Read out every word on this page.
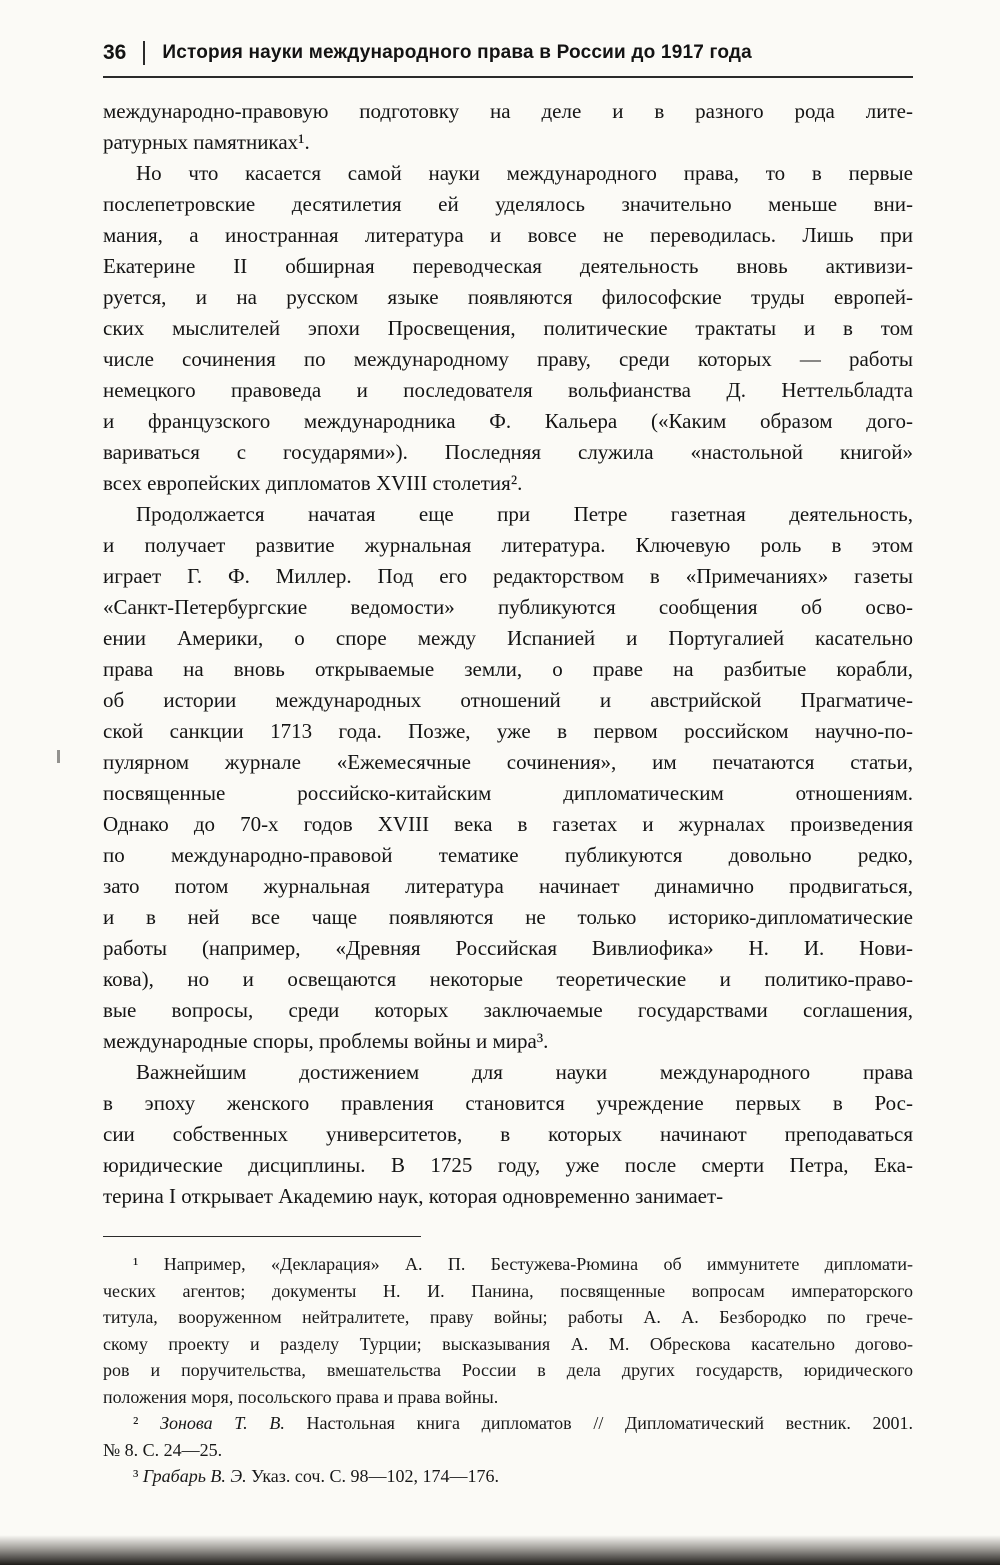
36 История науки международного права в России до 1917 года
международно-правовую подготовку на деле и в разного рода лите-
ратурных памятниках¹.
Но что касается самой науки международного права, то в первые
послепетровские десятилетия ей уделялось значительно меньше вни-
мания, а иностранная литература и вовсе не переводилась. Лишь при
Екатерине II обширная переводческая деятельность вновь активизи-
руется, и на русском языке появляются философские труды европей-
ских мыслителей эпохи Просвещения, политические трактаты и в том
числе сочинения по международному праву, среди которых — работы
немецкого правоведа и последователя вольфианства Д. Неттельбладта
и французского международника Ф. Кальера («Каким образом дого-
вариваться с государями»). Последняя служила «настольной книгой»
всех европейских дипломатов XVIII столетия².
Продолжается начатая еще при Петре газетная деятельность,
и получает развитие журнальная литература. Ключевую роль в этом
играет Г. Ф. Миллер. Под его редакторством в «Примечаниях» газеты
«Санкт-Петербургские ведомости» публикуются сообщения об осво-
ении Америки, о споре между Испанией и Португалией касательно
права на вновь открываемые земли, о праве на разбитые корабли,
об истории международных отношений и австрийской Прагматиче-
ской санкции 1713 года. Позже, уже в первом российском научно-по-
пулярном журнале «Ежемесячные сочинения», им печатаются статьи,
посвященные российско-китайским дипломатическим отношениям.
Однако до 70-х годов XVIII века в газетах и журналах произведения
по международно-правовой тематике публикуются довольно редко,
зато потом журнальная литература начинает динамично продвигаться,
и в ней все чаще появляются не только историко-дипломатические
работы (например, «Древняя Российская Вивлиофика» Н. И. Нови-
кова), но и освещаются некоторые теоретические и политико-право-
вые вопросы, среди которых заключаемые государствами соглашения,
международные споры, проблемы войны и мира³.
Важнейшим достижением для науки международного права
в эпоху женского правления становится учреждение первых в Рос-
сии собственных университетов, в которых начинают преподаваться
юридические дисциплины. В 1725 году, уже после смерти Петра, Ека-
терина I открывает Академию наук, которая одновременно занимает-
¹ Например, «Декларация» А. П. Бестужева-Рюмина об иммунитете дипломати-
ческих агентов; документы Н. И. Панина, посвященные вопросам императорского
титула, вооруженном нейтралитете, праву войны; работы А. А. Безбородко по грече-
скому проекту и разделу Турции; высказывания А. М. Обрескова касательно догово-
ров и поручительства, вмешательства России в дела других государств, юридического
положения моря, посольского права и права войны.
² Зонова Т. В. Настольная книга дипломатов // Дипломатический вестник. 2001.
№ 8. С. 24—25.
³ Грабарь В. Э. Указ. соч. С. 98—102, 174—176.
